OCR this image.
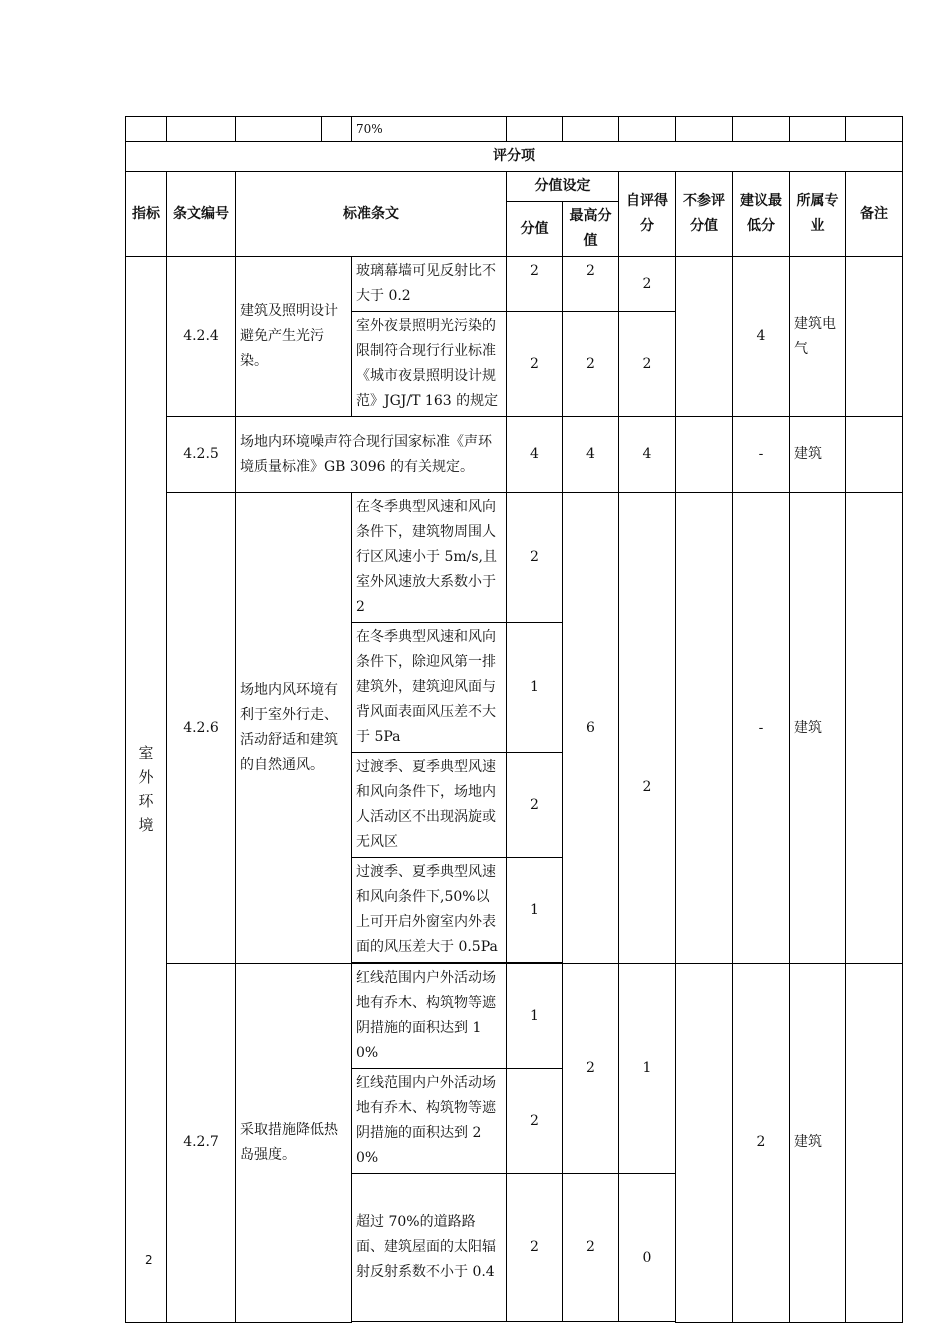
				70%							
评分项											
指标	条文编号	标准条文			分值设定		自评得分	不参评分值	建议最低分	所属专业	备注
					分值	最高分值					

室外环境	4.2.4	建筑及照明设计避免产生光污染。		玻璃幕墙可见反射比不大于 0.2	2	2	2		4	建筑电气	
				室外夜景照明光污染的限制符合现行行业标准《城市夜景照明设计规范》JGJ/T 163 的规定	2	2	2				
	4.2.5	场地内环境噪声符合现行国家标准《声环境质量标准》GB 3096 的有关规定。			4	4	4		-	建筑	
	4.2.6	场地内风环境有利于室外行走、活动舒适和建筑的自然通风。		在冬季典型风速和风向条件下，建筑物周围人行区风速小于 5m/s,且室外风速放大系数小于 2	2	6	2		-	建筑	
				在冬季典型风速和风向条件下，除迎风第一排建筑外，建筑迎风面与背风面表面风压差不大于 5Pa	1						
				过渡季、夏季典型风速和风向条件下，场地内人活动区不出现涡旋或无风区	2						
				过渡季、夏季典型风速和风向条件下,50%以上可开启外窗室内外表面的风压差大于 0.5Pa	1						

	4.2.7	采取措施降低热岛强度。		红线范围内户外活动场地有乔木、构筑物等遮阴措施的面积达到 10%	1	2	1		2	建筑	
				红线范围内户外活动场地有乔木、构筑物等遮阴措施的面积达到 20%	2						
				超过 70%的道路路面、建筑屋面的太阳辐射反射系数不小于 0.4	2	2	0				

2
